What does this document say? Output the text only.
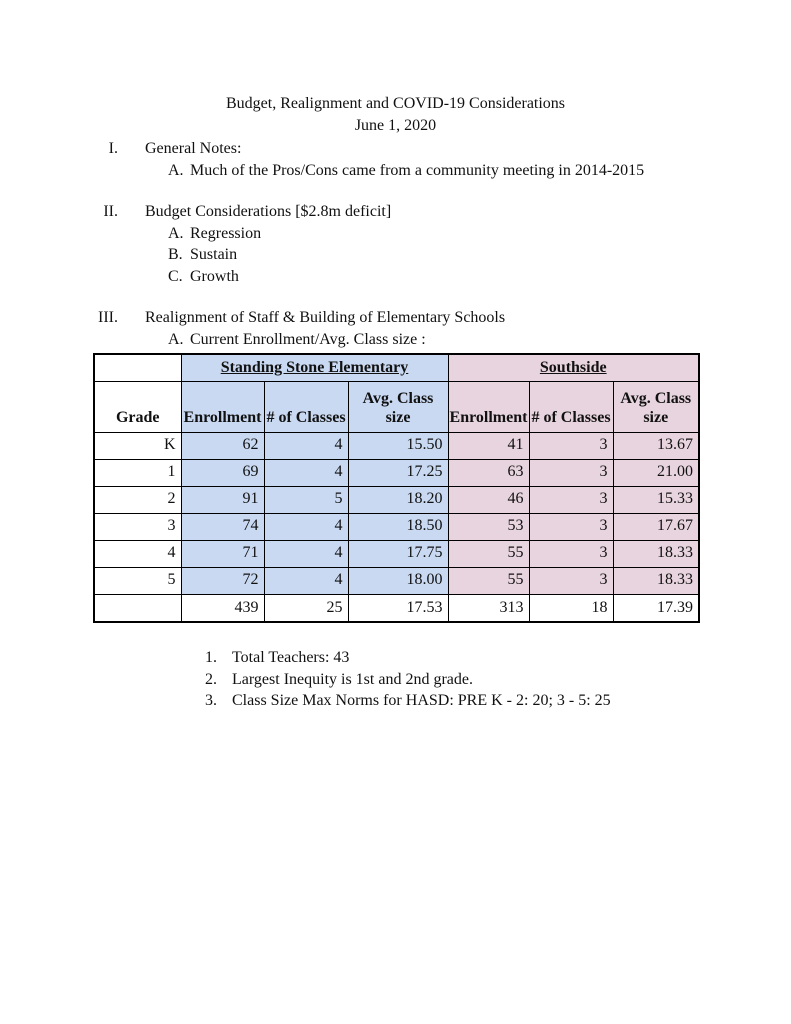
Budget, Realignment and COVID-19 Considerations
June 1, 2020
I. General Notes:
A. Much of the Pros/Cons came from a community meeting in 2014-2015
II. Budget Considerations [$2.8m deficit]
A. Regression
B. Sustain
C. Growth
III. Realignment of Staff & Building of Elementary Schools
A. Current Enrollment/Avg. Class size :
	Standing Stone Elementary			Southside		
Grade	Enrollment	# of Classes	Avg. Class size	Enrollment	# of Classes	Avg. Class size
K	62	4	15.50	41	3	13.67
1	69	4	17.25	63	3	21.00
2	91	5	18.20	46	3	15.33
3	74	4	18.50	53	3	17.67
4	71	4	17.75	55	3	18.33
5	72	4	18.00	55	3	18.33
	439	25	17.53	313	18	17.39
1. Total Teachers: 43
2. Largest Inequity is 1st and 2nd grade.
3. Class Size Max Norms for HASD: PRE K - 2: 20; 3 - 5: 25
